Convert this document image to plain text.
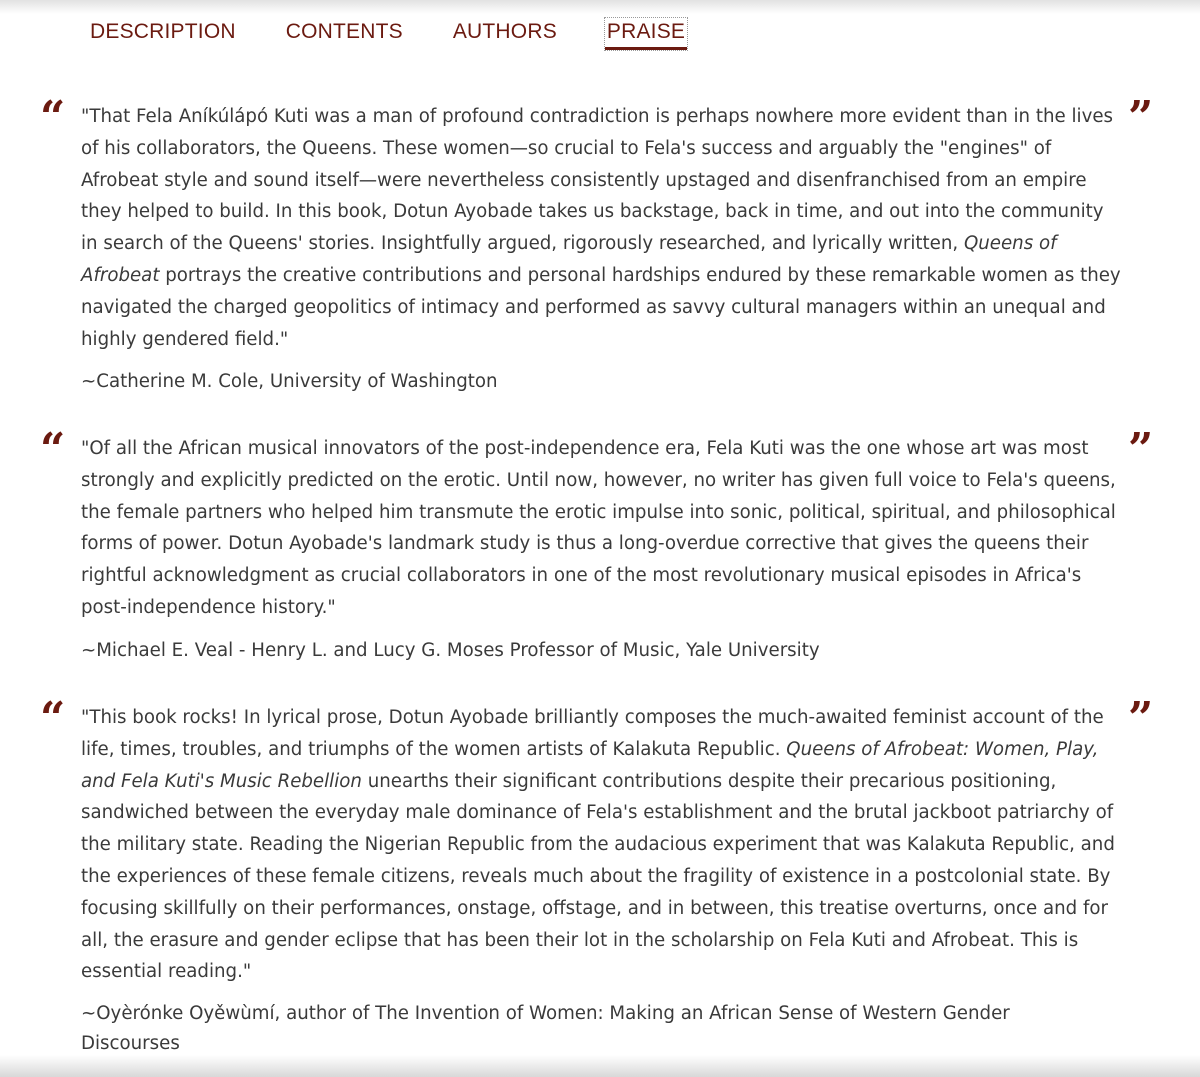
DESCRIPTION CONTENTS AUTHORS PRAISE
“	”

"That Fela Aníkúlápó Kuti was a man of profound contradiction is perhaps nowhere more evident than in the lives of his collaborators, the Queens. These women—so crucial to Fela's success and arguably the "engines" of Afrobeat style and sound itself—were nevertheless consistently upstaged and disenfranchised from an empire they helped to build. In this book, Dotun Ayobade takes us backstage, back in time, and out into the community in search of the Queens' stories. Insightfully argued, rigorously researched, and lyrically written, Queens of Afrobeat portrays the creative contributions and personal hardships endured by these remarkable women as they navigated the charged geopolitics of intimacy and performed as savvy cultural managers within an unequal and highly gendered field."

~Catherine M. Cole, University of Washington

“	”

"Of all the African musical innovators of the post-independence era, Fela Kuti was the one whose art was most strongly and explicitly predicted on the erotic. Until now, however, no writer has given full voice to Fela's queens, the female partners who helped him transmute the erotic impulse into sonic, political, spiritual, and philosophical forms of power. Dotun Ayobade's landmark study is thus a long-overdue corrective that gives the queens their rightful acknowledgment as crucial collaborators in one of the most revolutionary musical episodes in Africa's post-independence history."

~Michael E. Veal - Henry L. and Lucy G. Moses Professor of Music, Yale University

“	”

"This book rocks! In lyrical prose, Dotun Ayobade brilliantly composes the much-awaited feminist account of the life, times, troubles, and triumphs of the women artists of Kalakuta Republic. Queens of Afrobeat: Women, Play, and Fela Kuti's Music Rebellion unearths their significant contributions despite their precarious positioning, sandwiched between the everyday male dominance of Fela's establishment and the brutal jackboot patriarchy of the military state. Reading the Nigerian Republic from the audacious experiment that was Kalakuta Republic, and the experiences of these female citizens, reveals much about the fragility of existence in a postcolonial state. By focusing skillfully on their performances, onstage, offstage, and in between, this treatise overturns, once and for all, the erasure and gender eclipse that has been their lot in the scholarship on Fela Kuti and Afrobeat. This is essential reading."

~Oyèrónke Oyěwùmí, author of The Invention of Women: Making an African Sense of Western Gender Discourses
